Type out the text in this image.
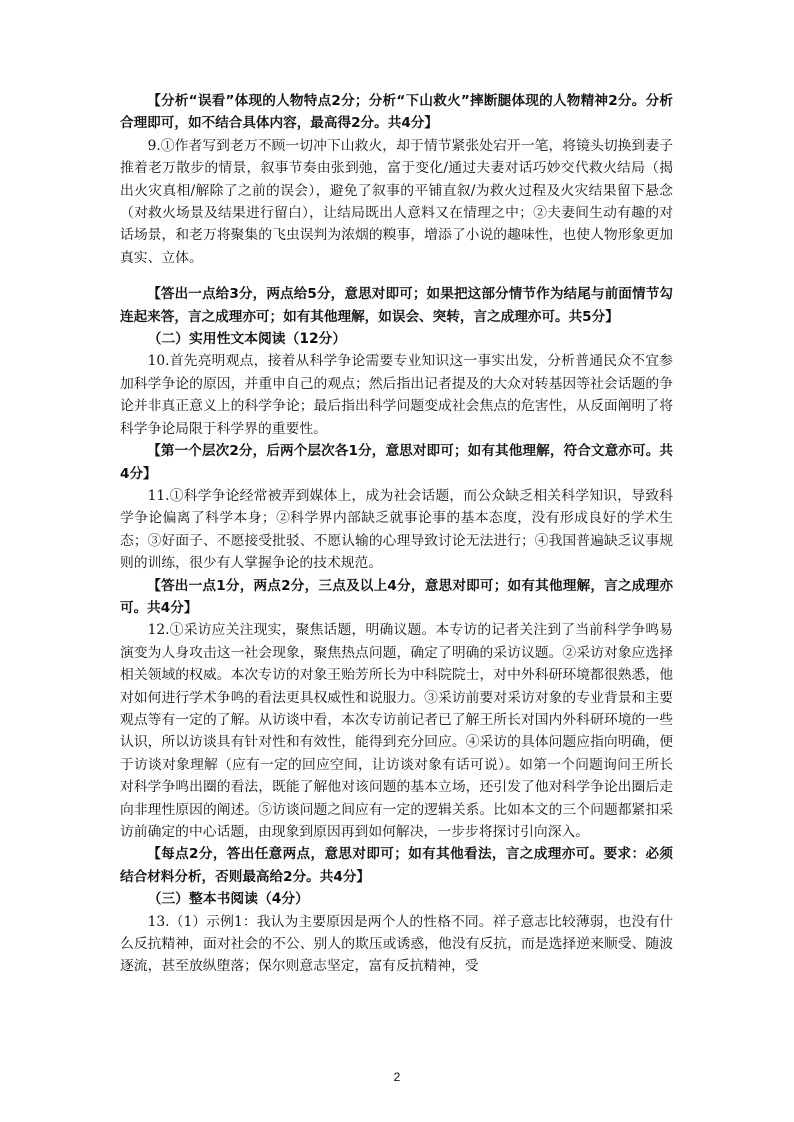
【分析“误看”体现的人物特点2分；分析“下山救火”摔断腿体现的人物精神2分。分析合理即可，如不结合具体内容，最高得2分。共4分】

9.①作者写到老万不顾一切冲下山救火，却于情节紧张处宕开一笔，将镜头切换到妻子推着老万散步的情景，叙事节奏由张到弛，富于变化/通过夫妻对话巧妙交代救火结局（揭出火灾真相/解除了之前的误会），避免了叙事的平铺直叙/为救火过程及火灾结果留下悬念（对救火场景及结果进行留白），让结局既出人意料又在情理之中；②夫妻间生动有趣的对话场景，和老万将聚集的飞虫误判为浓烟的糗事，增添了小说的趣味性，也使人物形象更加真实、立体。

【答出一点给3分，两点给5分，意思对即可；如果把这部分情节作为结尾与前面情节勾连起来答，言之成理亦可；如有其他理解，如误会、突转，言之成理亦可。共5分】

（二）实用性文本阅读（12分）

10.首先亮明观点，接着从科学争论需要专业知识这一事实出发，分析普通民众不宜参加科学争论的原因，并重申自己的观点；然后指出记者提及的大众对转基因等社会话题的争论并非真正意义上的科学争论；最后指出科学问题变成社会焦点的危害性，从反面阐明了将科学争论局限于科学界的重要性。

【第一个层次2分，后两个层次各1分，意思对即可；如有其他理解，符合文意亦可。共4分】

11.①科学争论经常被弄到媒体上，成为社会话题，而公众缺乏相关科学知识，导致科学争论偏离了科学本身；②科学界内部缺乏就事论事的基本态度，没有形成良好的学术生态；③好面子、不愿接受批驳、不愿认输的心理导致讨论无法进行；④我国普遍缺乏议事规则的训练，很少有人掌握争论的技术规范。

【答出一点1分，两点2分，三点及以上4分，意思对即可；如有其他理解，言之成理亦可。共4分】

12.①采访应关注现实，聚焦话题，明确议题。本专访的记者关注到了当前科学争鸣易演变为人身攻击这一社会现象，聚焦热点问题，确定了明确的采访议题。②采访对象应选择相关领域的权威。本次专访的对象王贻芳所长为中科院院士，对中外科研环境都很熟悉，他对如何进行学术争鸣的看法更具权威性和说服力。③采访前要对采访对象的专业背景和主要观点等有一定的了解。从访谈中看，本次专访前记者已了解王所长对国内外科研环境的一些认识，所以访谈具有针对性和有效性，能得到充分回应。④采访的具体问题应指向明确，便于访谈对象理解（应有一定的回应空间，让访谈对象有话可说）。如第一个问题询问王所长对科学争鸣出圈的看法，既能了解他对该问题的基本立场，还引发了他对科学争论出圈后走向非理性原因的阐述。⑤访谈问题之间应有一定的逻辑关系。比如本文的三个问题都紧扣采访前确定的中心话题，由现象到原因再到如何解决，一步步将探讨引向深入。

【每点2分，答出任意两点，意思对即可；如有其他看法，言之成理亦可。要求：必须结合材料分析，否则最高给2分。共4分】

（三）整本书阅读（4分）

13.（1）示例1：我认为主要原因是两个人的性格不同。祥子意志比较薄弱，也没有什么反抗精神，面对社会的不公、别人的欺压或诱惑，他没有反抗，而是选择逆来顺受、随波逐流，甚至放纵堕落；保尔则意志坚定，富有反抗精神，受

2
